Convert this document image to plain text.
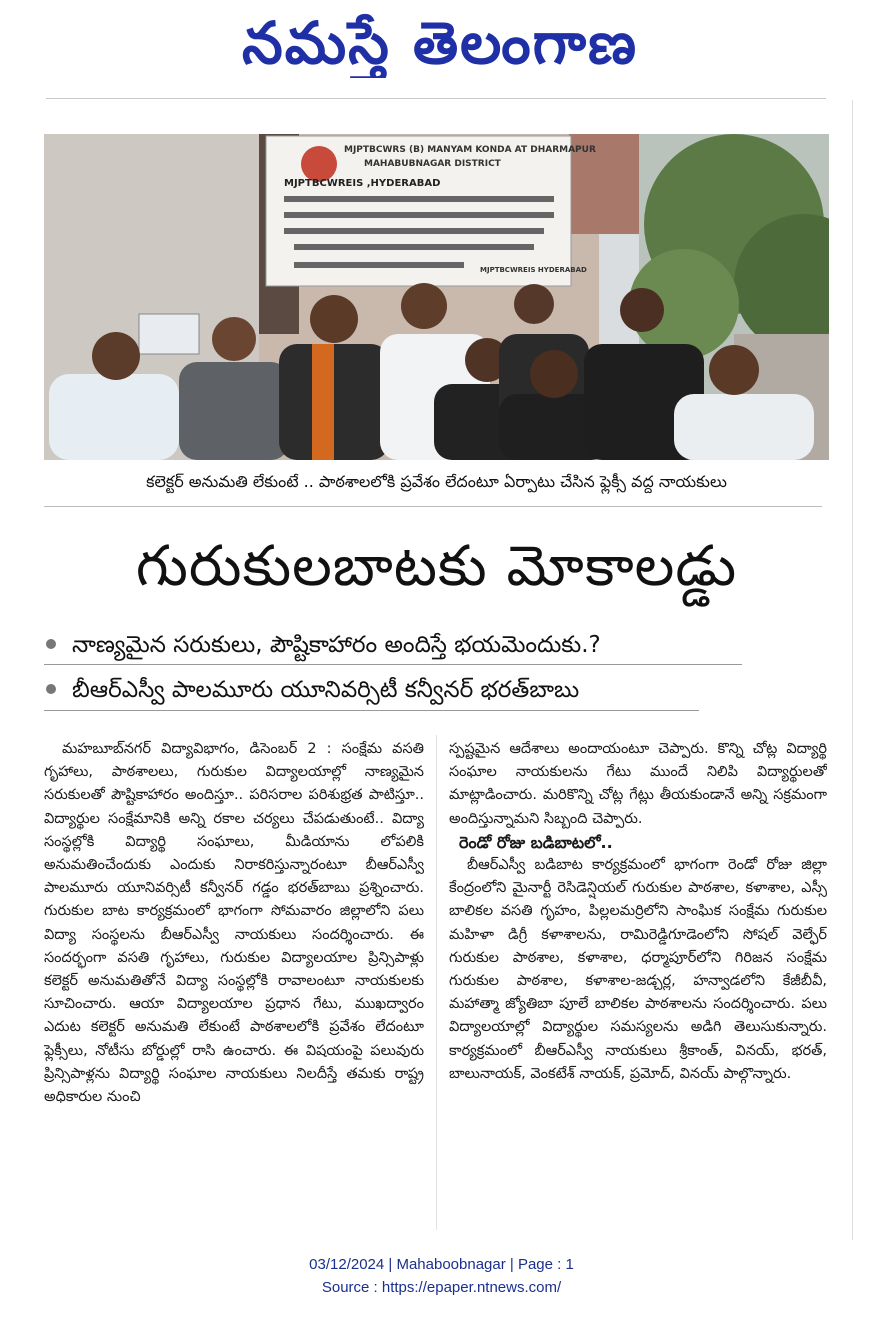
నమస్తే తెలంగాణ
MJPTBCWRS (B) MANYAM KONDA AT DHARMAPUR
MAHABUBNAGAR DISTRICT
MJPTBCWREIS ,HYDERABAD
MJPTBCWREIS HYDERABAD
కలెక్టర్ అనుమతి లేకుంటే .. పాఠశాలలోకి ప్రవేశం లేదంటూ ఏర్పాటు చేసిన ఫ్లెక్సీ వద్ద నాయకులు
గురుకులబాటకు మోకాలడ్డు
నాణ్యమైన సరుకులు, పౌష్టికాహారం అందిస్తే భయమెందుకు.?
బీఆర్ఎస్వీ పాలమూరు యూనివర్సిటీ కన్వీనర్ భరత్‌బాబు

మహబూబ్‌నగర్ విద్యావిభాగం, డిసెంబర్ 2 : సంక్షేమ వసతి గృహాలు, పాఠశాలలు, గురుకుల విద్యాలయాల్లో నాణ్యమైన సరుకులతో పౌష్టికాహారం అందిస్తూ.. పరిసరాల పరిశుభ్రత పాటిస్తూ.. విద్యార్థుల సంక్షేమానికి అన్ని రకాల చర్యలు చేపడుతుంటే.. విద్యా సంస్థల్లోకి విద్యార్థి సంఘాలు, మీడియాను లోపలికి అనుమతించేందుకు ఎందుకు నిరాకరిస్తున్నారంటూ బీఆర్ఎస్వీ పాలమూరు యూనివర్సిటీ కన్వీనర్ గడ్డం భరత్‌బాబు ప్రశ్నించారు. గురుకుల బాట కార్యక్రమంలో భాగంగా సోమవారం జిల్లాలోని పలు విద్యా సంస్థలను బీఆర్ఎస్వీ నాయకులు సందర్శించారు. ఈ సందర్భంగా వసతి గృహాలు, గురుకుల విద్యాలయాల ప్రిన్సిపాళ్లు కలెక్టర్ అనుమతితోనే విద్యా సంస్థల్లోకి రావాలంటూ నాయకులకు సూచించారు. ఆయా విద్యాలయాల ప్రధాన గేటు, ముఖద్వారం ఎదుట కలెక్టర్ అనుమతి లేకుంటే పాఠశాలలోకి ప్రవేశం లేదంటూ ఫ్లెక్సీలు, నోటీసు బోర్డుల్లో రాసి ఉంచారు. ఈ విషయంపై పలువురు ప్రిన్సిపాళ్లను విద్యార్థి సంఘాల నాయకులు నిలదీస్తే తమకు రాష్ట్ర అధికారుల నుంచి

స్పష్టమైన ఆదేశాలు అందాయంటూ చెప్పారు. కొన్ని చోట్ల విద్యార్థి సంఘాల నాయకులను గేటు ముందే నిలిపి విద్యార్థులతో మాట్లాడించారు. మరికొన్ని చోట్ల గేట్లు తీయకుండానే అన్ని సక్రమంగా అందిస్తున్నామని సిబ్బంది చెప్పారు.

రెండో రోజు బడిబాటలో..

బీఆర్ఎస్వీ బడిబాట కార్యక్రమంలో భాగంగా రెండో రోజు జిల్లా కేంద్రంలోని మైనార్టీ రెసిడెన్షియల్ గురుకుల పాఠశాల, కళాశాల, ఎస్సీ బాలికల వసతి గృహం, పిల్లలమర్రిలోని సాంఘిక సంక్షేమ గురుకుల మహిళా డిగ్రీ కళాశాలను, రామిరెడ్డిగూడెంలోని సోషల్ వెల్ఫేర్ గురుకుల పాఠశాల, కళాశాల, ధర్మాపూర్‌లోని గిరిజన సంక్షేమ గురుకుల పాఠశాల, కళాశాల-జడ్చర్ల, హన్వాడలోని కేజీబీవీ, మహాత్మా జ్యోతిబా పూలే బాలికల పాఠశాలను సందర్శించారు. పలు విద్యాలయాల్లో విద్యార్థుల సమస్యలను అడిగి తెలుసుకున్నారు. కార్యక్రమంలో బీఆర్ఎస్వీ నాయకులు శ్రీకాంత్, వినయ్, భరత్, బాలునాయక్, వెంకటేశ్ నాయక్, ప్రమోద్, వినయ్ పాల్గొన్నారు.

03/12/2024 | Mahaboobnagar | Page : 1
Source : https://epaper.ntnews.com/
